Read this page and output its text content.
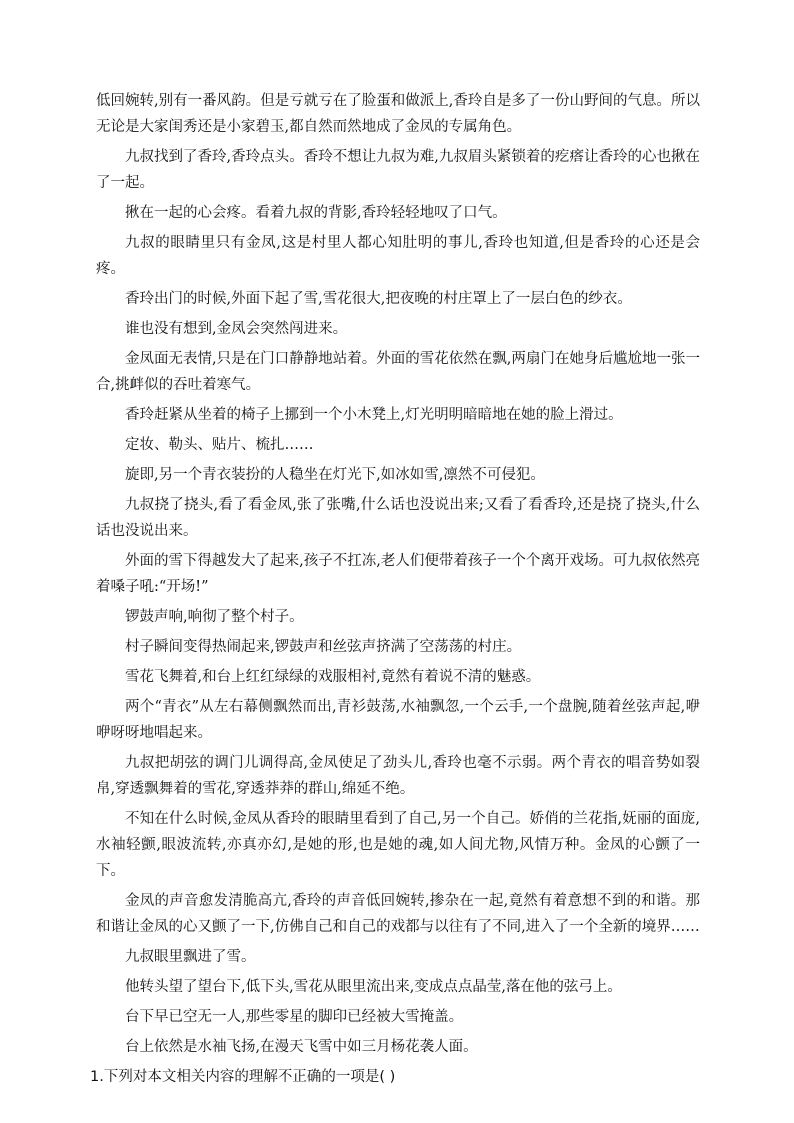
低回婉转,别有一番风韵。但是亏就亏在了脸蛋和做派上,香玲自是多了一份山野间的气息。所以无论是大家闺秀还是小家碧玉,都自然而然地成了金凤的专属角色。

九叔找到了香玲,香玲点头。香玲不想让九叔为难,九叔眉头紧锁着的疙瘩让香玲的心也揪在了一起。

揪在一起的心会疼。看着九叔的背影,香玲轻轻地叹了口气。

九叔的眼睛里只有金凤,这是村里人都心知肚明的事儿,香玲也知道,但是香玲的心还是会疼。

香玲出门的时候,外面下起了雪,雪花很大,把夜晚的村庄罩上了一层白色的纱衣。

谁也没有想到,金凤会突然闯进来。

金凤面无表情,只是在门口静静地站着。外面的雪花依然在飘,两扇门在她身后尴尬地一张一合,挑衅似的吞吐着寒气。

香玲赶紧从坐着的椅子上挪到一个小木凳上,灯光明明暗暗地在她的脸上滑过。

定妆、勒头、贴片、梳扎……

旋即,另一个青衣装扮的人稳坐在灯光下,如冰如雪,凛然不可侵犯。

九叔挠了挠头,看了看金凤,张了张嘴,什么话也没说出来;又看了看香玲,还是挠了挠头,什么话也没说出来。

外面的雪下得越发大了起来,孩子不扛冻,老人们便带着孩子一个个离开戏场。可九叔依然亮着嗓子吼:“开场!”

锣鼓声响,响彻了整个村子。

村子瞬间变得热闹起来,锣鼓声和丝弦声挤满了空荡荡的村庄。

雪花飞舞着,和台上红红绿绿的戏服相衬,竟然有着说不清的魅惑。

两个“青衣”从左右幕侧飘然而出,青衫鼓荡,水袖飘忽,一个云手,一个盘腕,随着丝弦声起,咿咿呀呀地唱起来。

九叔把胡弦的调门儿调得高,金凤使足了劲头儿,香玲也毫不示弱。两个青衣的唱音势如裂帛,穿透飘舞着的雪花,穿透莽莽的群山,绵延不绝。

不知在什么时候,金凤从香玲的眼睛里看到了自己,另一个自己。娇俏的兰花指,妩丽的面庞,水袖轻颤,眼波流转,亦真亦幻,是她的形,也是她的魂,如人间尤物,风情万种。金凤的心颤了一下。

金凤的声音愈发清脆高亢,香玲的声音低回婉转,掺杂在一起,竟然有着意想不到的和谐。那和谐让金凤的心又颤了一下,仿佛自己和自己的戏都与以往有了不同,进入了一个全新的境界……

九叔眼里飘进了雪。

他转头望了望台下,低下头,雪花从眼里流出来,变成点点晶莹,落在他的弦弓上。

台下早已空无一人,那些零星的脚印已经被大雪掩盖。

台上依然是水袖飞扬,在漫天飞雪中如三月杨花袭人面。

1.下列对本文相关内容的理解不正确的一项是( )
